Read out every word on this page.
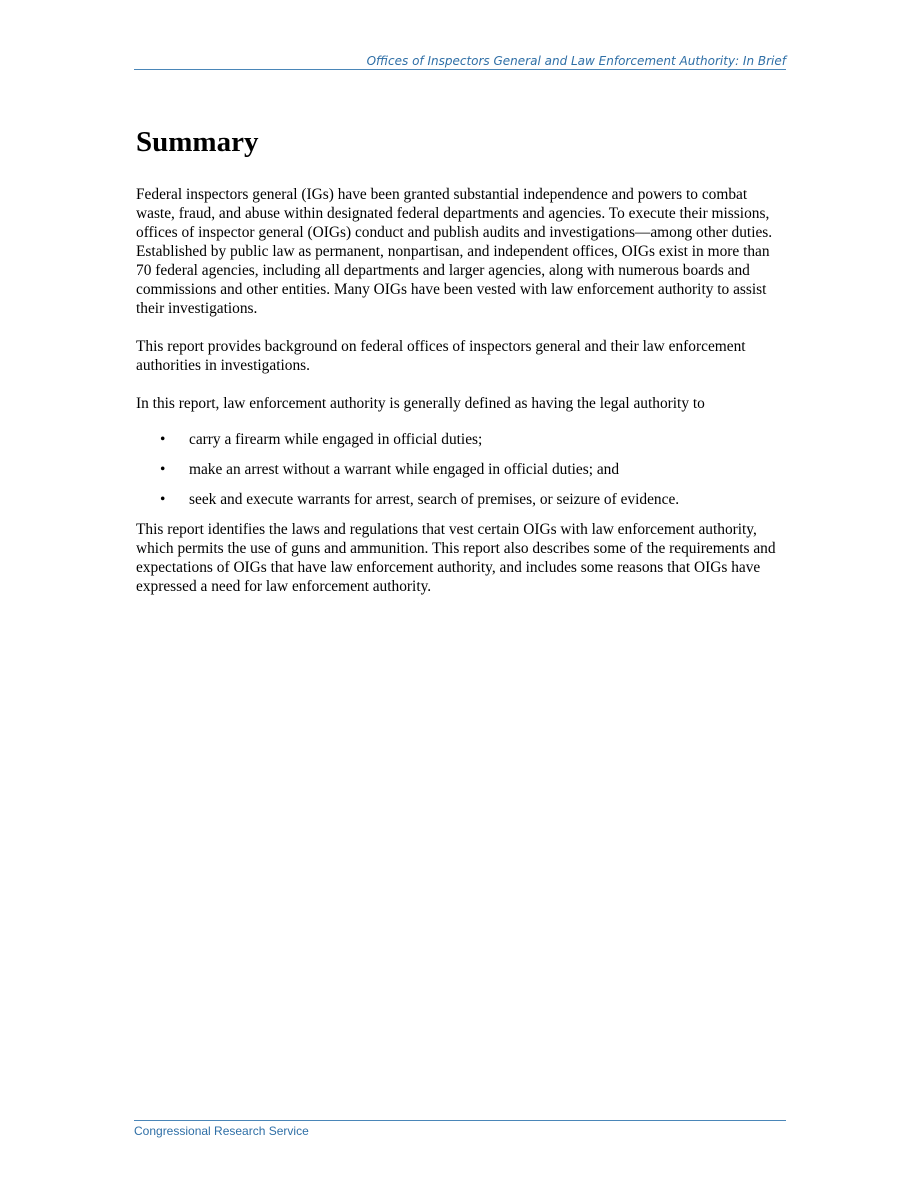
Offices of Inspectors General and Law Enforcement Authority: In Brief
Summary

Federal inspectors general (IGs) have been granted substantial independence and powers to combat waste, fraud, and abuse within designated federal departments and agencies. To execute their missions, offices of inspector general (OIGs) conduct and publish audits and investigations—among other duties. Established by public law as permanent, nonpartisan, and independent offices, OIGs exist in more than 70 federal agencies, including all departments and larger agencies, along with numerous boards and commissions and other entities. Many OIGs have been vested with law enforcement authority to assist their investigations.

This report provides background on federal offices of inspectors general and their law enforcement authorities in investigations.

In this report, law enforcement authority is generally defined as having the legal authority to

• carry a firearm while engaged in official duties;
• make an arrest without a warrant while engaged in official duties; and
• seek and execute warrants for arrest, search of premises, or seizure of evidence.

This report identifies the laws and regulations that vest certain OIGs with law enforcement authority, which permits the use of guns and ammunition. This report also describes some of the requirements and expectations of OIGs that have law enforcement authority, and includes some reasons that OIGs have expressed a need for law enforcement authority.

Congressional Research Service
